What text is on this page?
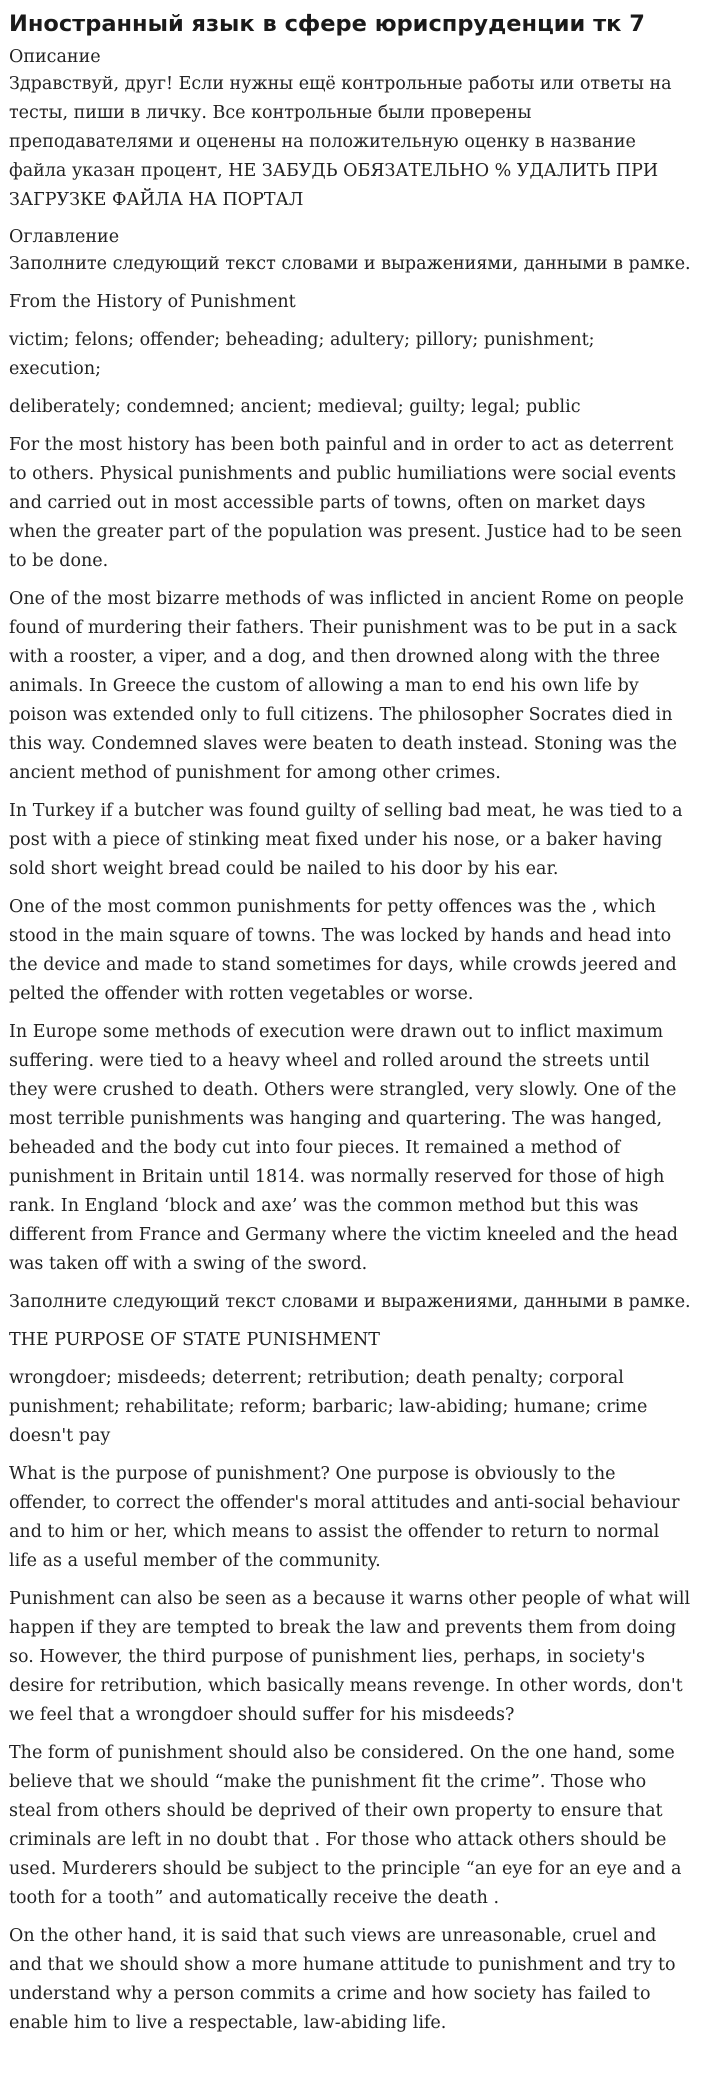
Иностранный язык в сфере юриспруденции тк 7

Описание

Здравствуй, друг! Если нужны ещё контрольные работы или ответы на тесты, пиши в личку. Все контрольные были проверены преподавателями и оценены на положительную оценку в название файла указан процент, НЕ ЗАБУДЬ ОБЯЗАТЕЛЬНО % УДАЛИТЬ ПРИ ЗАГРУЗКЕ ФАЙЛА НА ПОРТАЛ

Оглавление

Заполните следующий текст словами и выражениями, данными в рамке.

From the History of Punishment

victim; felons; offender; beheading; adultery; pillory; punishment; execution;

deliberately; condemned; ancient; medieval; guilty; legal; public

For the most history has been both painful and in order to act as deterrent to others. Physical punishments and public humiliations were social events and carried out in most accessible parts of towns, often on market days when the greater part of the population was present. Justice had to be seen to be done.

One of the most bizarre methods of was inflicted in ancient Rome on people found of murdering their fathers. Their punishment was to be put in a sack with a rooster, a viper, and a dog, and then drowned along with the three animals. In Greece the custom of allowing a man to end his own life by poison was extended only to full citizens. The philosopher Socrates died in this way. Condemned slaves were beaten to death instead. Stoning was the ancient method of punishment for among other crimes.

In Turkey if a butcher was found guilty of selling bad meat, he was tied to a post with a piece of stinking meat fixed under his nose, or a baker having sold short weight bread could be nailed to his door by his ear.

One of the most common punishments for petty offences was the , which stood in the main square of towns. The was locked by hands and head into the device and made to stand sometimes for days, while crowds jeered and pelted the offender with rotten vegetables or worse.

In Europe some methods of execution were drawn out to inflict maximum suffering. were tied to a heavy wheel and rolled around the streets until they were crushed to death. Others were strangled, very slowly. One of the most terrible punishments was hanging and quartering. The was hanged, beheaded and the body cut into four pieces. It remained a method of punishment in Britain until 1814. was normally reserved for those of high rank. In England ‘block and axe’ was the common method but this was different from France and Germany where the victim kneeled and the head was taken off with a swing of the sword.

Заполните следующий текст словами и выражениями, данными в рамке.

THE PURPOSE OF STATE PUNISHMENT

wrongdoer; misdeeds; deterrent; retribution; death penalty; corporal punishment; rehabilitate; reform; barbaric; law-abiding; humane; crime doesn't pay

What is the purpose of punishment? One purpose is obviously to the offender, to correct the offender's moral attitudes and anti-social behaviour and to him or her, which means to assist the offender to return to normal life as a useful member of the community.

Punishment can also be seen as a because it warns other people of what will happen if they are tempted to break the law and prevents them from doing so. However, the third purpose of punishment lies, perhaps, in society's desire for retribution, which basically means revenge. In other words, don't we feel that a wrongdoer should suffer for his misdeeds?

The form of punishment should also be considered. On the one hand, some believe that we should “make the punishment fit the crime”. Those who steal from others should be deprived of their own property to ensure that criminals are left in no doubt that . For those who attack others should be used. Murderers should be subject to the principle “an eye for an eye and a tooth for a tooth” and automatically receive the death .

On the other hand, it is said that such views are unreasonable, cruel and and that we should show a more humane attitude to punishment and try to understand why a person commits a crime and how society has failed to enable him to live a respectable, law-abiding life.
